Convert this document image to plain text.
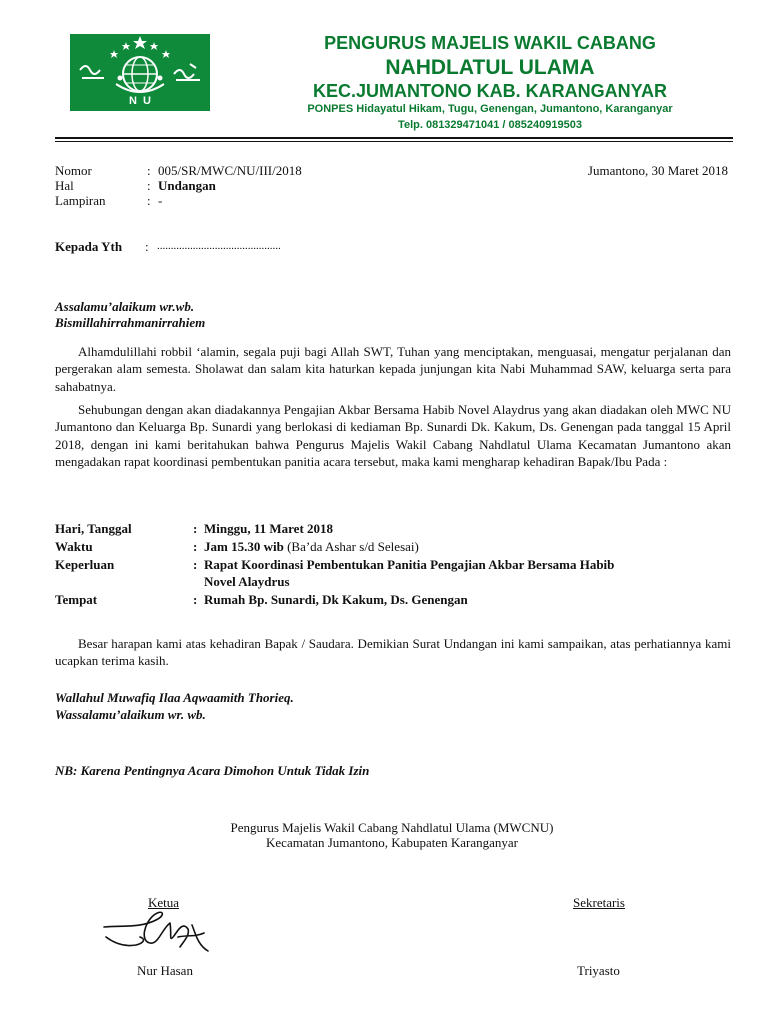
N  U
PENGURUS MAJELIS WAKIL CABANG
NAHDLATUL ULAMA
KEC.JUMANTONO KAB. KARANGANYAR
PONPES Hidayatul Hikam, Tugu, Genengan, Jumantono, Karanganyar
Telp. 081329471041 / 085240919503
Nomor	: 005/SR/MWC/NU/III/2018	Jumantono, 30 Maret 2018
Hal	: Undangan
Lampiran	: -
Kepada Yth : .............................................
Assalamu’alaikum wr.wb.
Bismillahirrahmanirrahiem

Alhamdulillahi robbil ‘alamin, segala puji bagi Allah SWT, Tuhan yang menciptakan, menguasai, mengatur perjalanan dan pergerakan alam semesta. Sholawat dan salam kita haturkan kepada junjungan kita Nabi Muhammad SAW, keluarga serta para sahabatnya.

Sehubungan dengan akan diadakannya Pengajian Akbar Bersama Habib Novel Alaydrus yang akan diadakan oleh MWC NU Jumantono dan Keluarga Bp. Sunardi yang berlokasi di kediaman Bp. Sunardi Dk. Kakum, Ds. Genengan pada tanggal 15 April 2018, dengan ini kami beritahukan bahwa Pengurus Majelis Wakil Cabang Nahdlatul Ulama Kecamatan Jumantono akan mengadakan rapat koordinasi pembentukan panitia acara tersebut, maka kami mengharap kehadiran Bapak/Ibu Pada :

Hari, Tanggal	: Minggu, 11 Maret 2018
Waktu	: Jam 15.30 wib (Ba’da Ashar s/d Selesai)
Keperluan	: Rapat Koordinasi Pembentukan Panitia Pengajian Akbar Bersama Habib
Novel Alaydrus
Tempat	: Rumah Bp. Sunardi, Dk Kakum, Ds. Genengan

Besar harapan kami atas kehadiran Bapak / Saudara. Demikian Surat Undangan ini kami sampaikan, atas perhatiannya kami ucapkan terima kasih.

Wallahul Muwafiq Ilaa Aqwaamith Thorieq.
Wassalamu’alaikum wr. wb.
NB: Karena Pentingnya Acara Dimohon Untuk Tidak Izin
Pengurus Majelis Wakil Cabang Nahdlatul Ulama (MWCNU)
Kecamatan Jumantono, Kabupaten Karanganyar
Ketua	Sekretaris
Nur Hasan	Triyasto
